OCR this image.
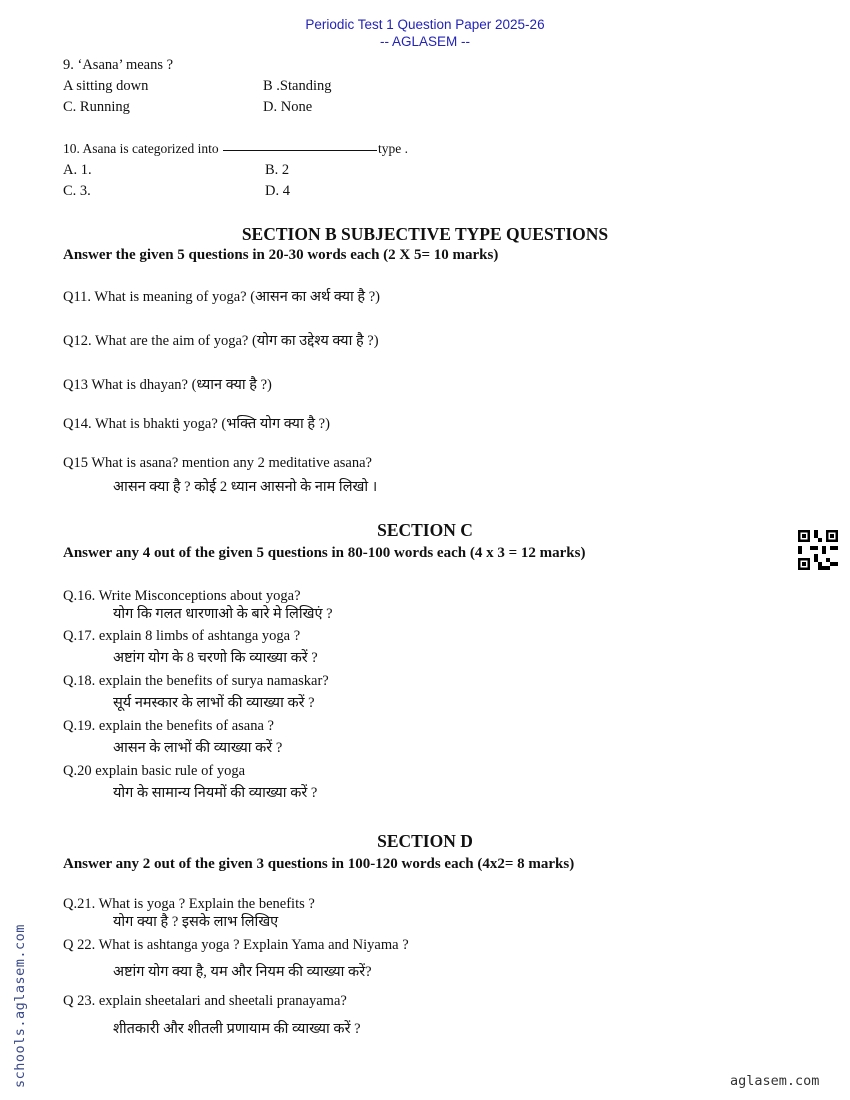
Periodic Test 1 Question Paper 2025-26
-- AGLASEM --
9. ‘Asana’ means ?
A sitting down	B .Standing
C. Running	D. None
10. Asana is categorized into	type .
A. 1.	B. 2
C. 3.	D. 4
SECTION B SUBJECTIVE TYPE QUESTIONS
Answer the given 5 questions in 20-30 words each (2 X 5= 10 marks)
Q11. What is meaning of yoga? (आसन का अर्थ क्या है ?)
Q12. What are the aim of yoga? (योग का उद्देश्य क्या है ?)
Q13 What is dhayan? (ध्यान क्या है ?)
Q14. What is bhakti yoga? (भक्ति योग क्या है ?)
Q15 What is asana? mention any 2 meditative asana?
आसन क्या है ? कोई 2 ध्यान आसनो के नाम लिखो ।
SECTION C
Answer any 4 out of the given 5 questions in 80-100 words each (4 x 3 = 12 marks)
Q.16. Write Misconceptions about yoga?
योग कि गलत धारणाओ के बारे मे लिखिएं ?
Q.17. explain 8 limbs of ashtanga yoga ?
अष्टांग योग के 8 चरणो कि व्याख्या करें ?
Q.18. explain the benefits of surya namaskar?
सूर्य नमस्कार के लाभों की व्याख्या करें ?
Q.19. explain the benefits of asana ?
आसन के लाभों की व्याख्या करें ?
Q.20 explain basic rule of yoga
योग के सामान्य नियमों की व्याख्या करें ?
SECTION D
Answer any 2 out of the given 3 questions in 100-120 words each (4x2= 8 marks)
Q.21. What is yoga ? Explain the benefits ?
योग क्या है ? इसके लाभ लिखिए
Q 22. What is ashtanga yoga ? Explain Yama and Niyama ?
अष्टांग योग क्या है, यम और नियम की व्याख्या करें?
Q 23. explain sheetalari and sheetali pranayama?
शीतकारी और शीतली प्रणायाम की व्याख्या करें ?
schools.aglasem.com	aglasem.com
